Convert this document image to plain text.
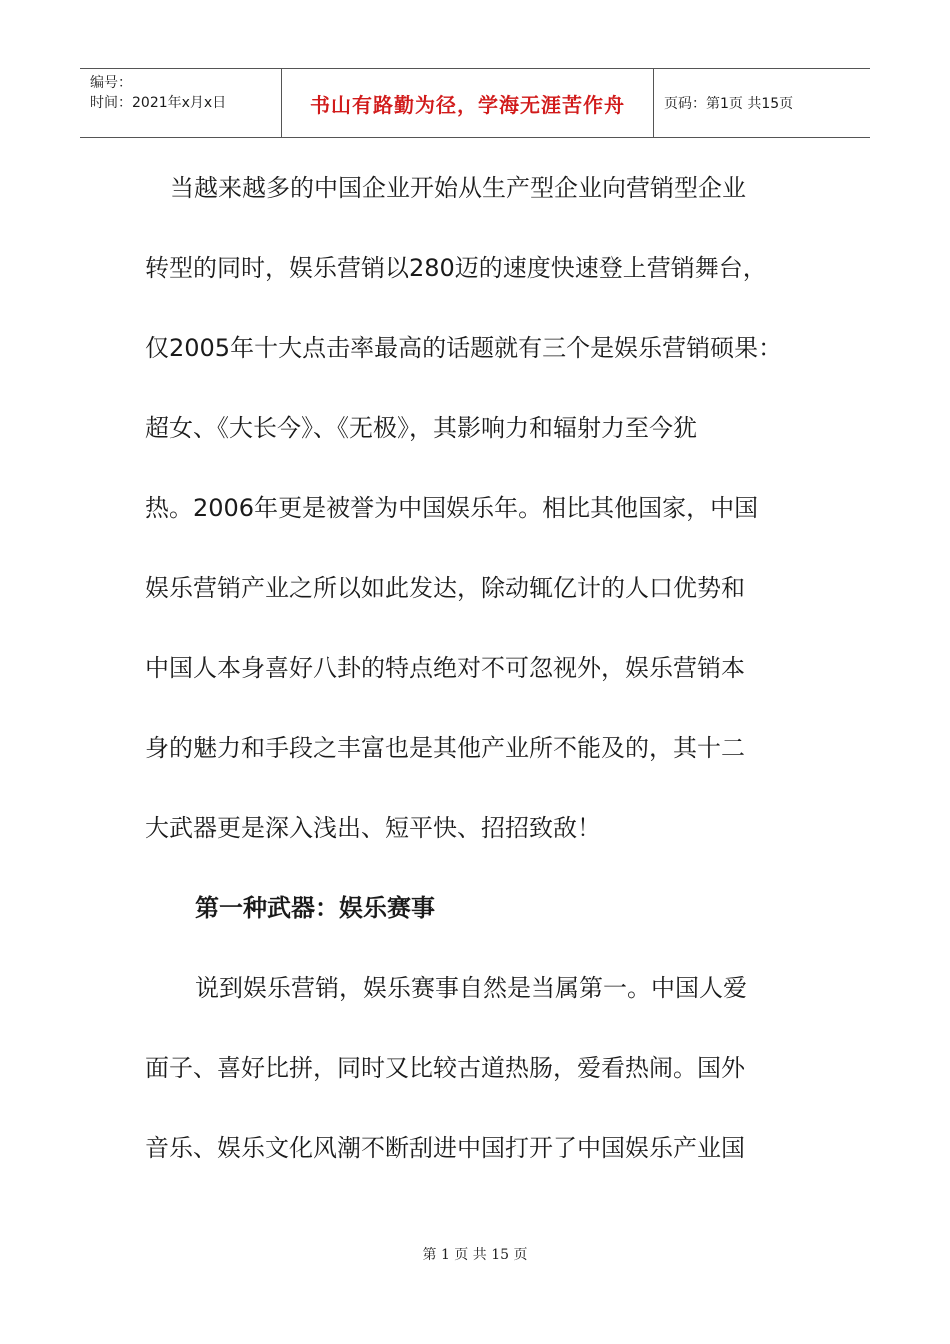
编号：
时间：2021年x月x日	书山有路勤为径，学海无涯苦作舟	页码：第1页 共15页

当越来越多的中国企业开始从生产型企业向营销型企业

转型的同时，娱乐营销以280迈的速度快速登上营销舞台，

仅2005年十大点击率最高的话题就有三个是娱乐营销硕果：

超女、《大长今》、《无极》，其影响力和辐射力至今犹

热。2006年更是被誉为中国娱乐年。相比其他国家，中国

娱乐营销产业之所以如此发达，除动辄亿计的人口优势和

中国人本身喜好八卦的特点绝对不可忽视外，娱乐营销本

身的魅力和手段之丰富也是其他产业所不能及的，其十二

大武器更是深入浅出、短平快、招招致敌！

第一种武器：娱乐赛事

说到娱乐营销，娱乐赛事自然是当属第一。中国人爱

面子、喜好比拼，同时又比较古道热肠，爱看热闹。国外

音乐、娱乐文化风潮不断刮进中国打开了中国娱乐产业国

第 1 页 共 15 页
